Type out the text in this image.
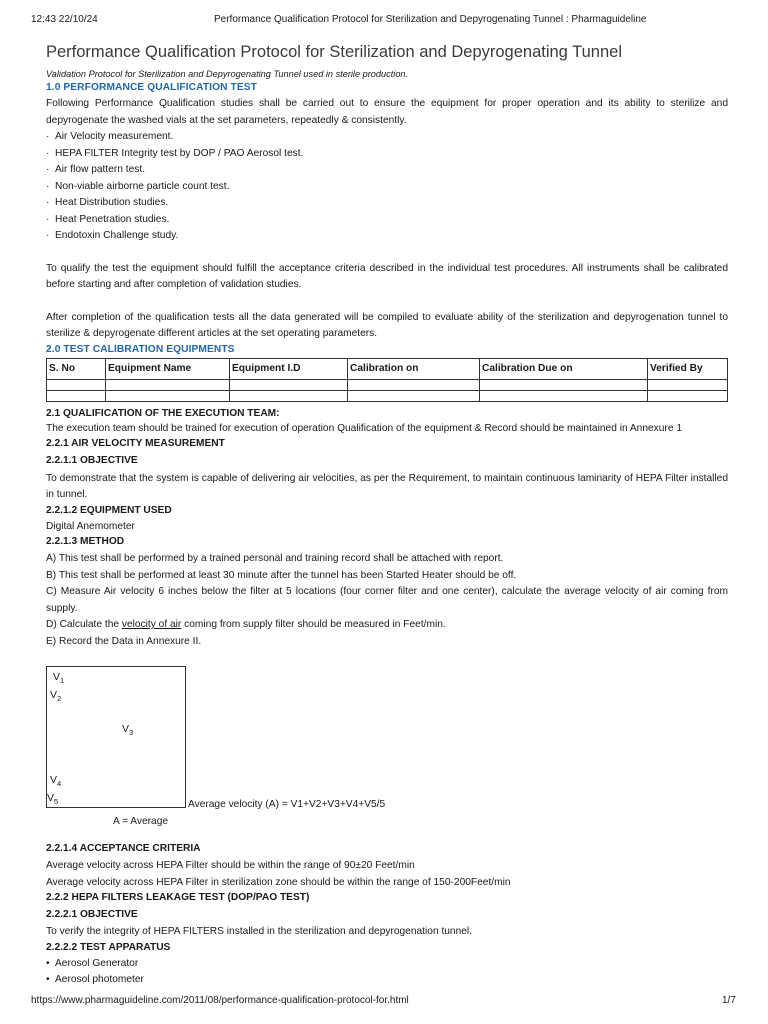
12:43 22/10/24	Performance Qualification Protocol for Sterilization and Depyrogenating Tunnel : Pharmaguideline
Performance Qualification Protocol for Sterilization and Depyrogenating Tunnel
Validation Protocol for Sterilization and Depyrogenating Tunnel used in sterile production.
1.0 PERFORMANCE QUALIFICATION TEST

Following Performance Qualification studies shall be carried out to ensure the equipment for proper operation and its ability to sterilize and depyrogenate the washed vials at the set parameters, repeatedly & consistently.

· Air Velocity measurement.
· HEPA FILTER Integrity test by DOP / PAO Aerosol test.
· Air flow pattern test.
· Non-viable airborne particle count test.
· Heat Distribution studies.
· Heat Penetration studies.
· Endotoxin Challenge study.

To qualify the test the equipment should fulfill the acceptance criteria described in the individual test procedures. All instruments shall be calibrated before starting and after completion of validation studies.

After completion of the qualification tests all the data generated will be compiled to evaluate ability of the sterilization and depyrogenation tunnel to sterilize & depyrogenate different articles at the set operating parameters.

2.0 TEST CALIBRATION EQUIPMENTS
S. No	Equipment Name	Equipment I.D	Calibration on	Calibration Due on	Verified By

2.1 QUALIFICATION OF THE EXECUTION TEAM:

The execution team should be trained for execution of operation Qualification of the equipment & Record should be maintained in Annexure 1

2.2.1 AIR VELOCITY MEASUREMENT
2.2.1.1 OBJECTIVE

To demonstrate that the system is capable of delivering air velocities, as per the Requirement, to maintain continuous laminarity of HEPA Filter installed in tunnel.

2.2.1.2 EQUIPMENT USED

Digital Anemometer

2.2.1.3 METHOD

A) This test shall be performed by a trained personal and training record shall be attached with report.

B) This test shall be performed at least 30 minute after the tunnel has been Started Heater should be off.

C) Measure Air velocity 6 inches below the filter at 5 locations (four corner filter and one center), calculate the average velocity of air coming from supply.

D) Calculate the velocity of air coming from supply filter should be measured in Feet/min.

E) Record the Data in Annexure II.

$V_1$
$V_2$
$V_3$
$V_4$
$V_5$	Average velocity (A) = V1+V2+V3+V4+V5/5
A = Average
2.2.1.4 ACCEPTANCE CRITERIA

Average velocity across HEPA Filter should be within the range of 90±20 Feet/min

Average velocity across HEPA Filter in sterilization zone should be within the range of 150-200Feet/min

2.2.2 HEPA FILTERS LEAKAGE TEST (DOP/PAO TEST)
2.2.2.1 OBJECTIVE

To verify the integrity of HEPA FILTERS installed in the sterilization and depyrogenation tunnel.

2.2.2.2 TEST APPARATUS
• Aerosol Generator
• Aerosol photometer
https://www.pharmaguideline.com/2011/08/performance-qualification-protocol-for.html	1/7
